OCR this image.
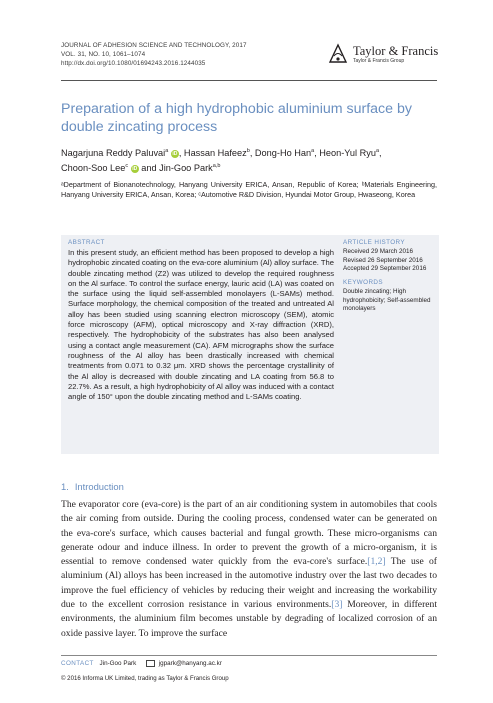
JOURNAL OF ADHESION SCIENCE AND TECHNOLOGY, 2017
VOL. 31, NO. 10, 1061–1074
http://dx.doi.org/10.1080/01694243.2016.1244035
Taylor & Francis
Taylor & Francis Group
Preparation of a high hydrophobic aluminium surface by double zincating process
Nagarjuna Reddy Paluvai$^a$ iD , Hassan Hafeez$^b$, Dong-Ho Han$^a$, Heon-Yul Ryu$^a$,
Choon-Soo Lee$^c$ iD and Jin-Goo Park$^{a,b}$
ᵃDepartment of Bionanotechnology, Hanyang University ERICA, Ansan, Republic of Korea; ᵇMaterials Engineering, Hanyang University ERICA, Ansan, Korea; ᶜAutomotive R&D Division, Hyundai Motor Group, Hwaseong, Korea
ABSTRACT
In this present study, an efficient method has been proposed to develop a high hydrophobic zincated coating on the eva-core aluminium (Al) alloy surface. The double zincating method (Z2) was utilized to develop the required roughness on the Al surface. To control the surface energy, lauric acid (LA) was coated on the surface using the liquid self-assembled monolayers (L-SAMs) method. Surface morphology, the chemical composition of the treated and untreated Al alloy has been studied using scanning electron microscopy (SEM), atomic force microscopy (AFM), optical microscopy and X-ray diffraction (XRD), respectively. The hydrophobicity of the substrates has also been analysed using a contact angle measurement (CA). AFM micrographs show the surface roughness of the Al alloy has been drastically increased with chemical treatments from 0.071 to 0.32 μm. XRD shows the percentage crystallinity of the Al alloy is decreased with double zincating and LA coating from 56.8 to 22.7%. As a result, a high hydrophobicity of Al alloy was induced with a contact angle of 150° upon the double zincating method and L-SAMs coating.
ARTICLE HISTORY
Received 29 March 2016
Revised 26 September 2016
Accepted 29 September 2016
KEYWORDS
Double zincating; High hydrophobicity; Self-assembled monolayers
1. Introduction
The evaporator core (eva-core) is the part of an air conditioning system in automobiles that cools the air coming from outside. During the cooling process, condensed water can be generated on the eva-core's surface, which causes bacterial and fungal growth. These micro-organisms can generate odour and induce illness. In order to prevent the growth of a micro-organism, it is essential to remove condensed water quickly from the eva-core's surface.[1,2] The use of aluminium (Al) alloys has been increased in the automotive industry over the last two decades to improve the fuel efficiency of vehicles by reducing their weight and increasing the workability due to the excellent corrosion resistance in various environments.[3] Moreover, in different environments, the aluminium film becomes unstable by degrading of localized corrosion of an oxide passive layer. To improve the surface
CONTACT Jin-Goo Park	jgpark@hanyang.ac.kr
© 2016 Informa UK Limited, trading as Taylor & Francis Group
